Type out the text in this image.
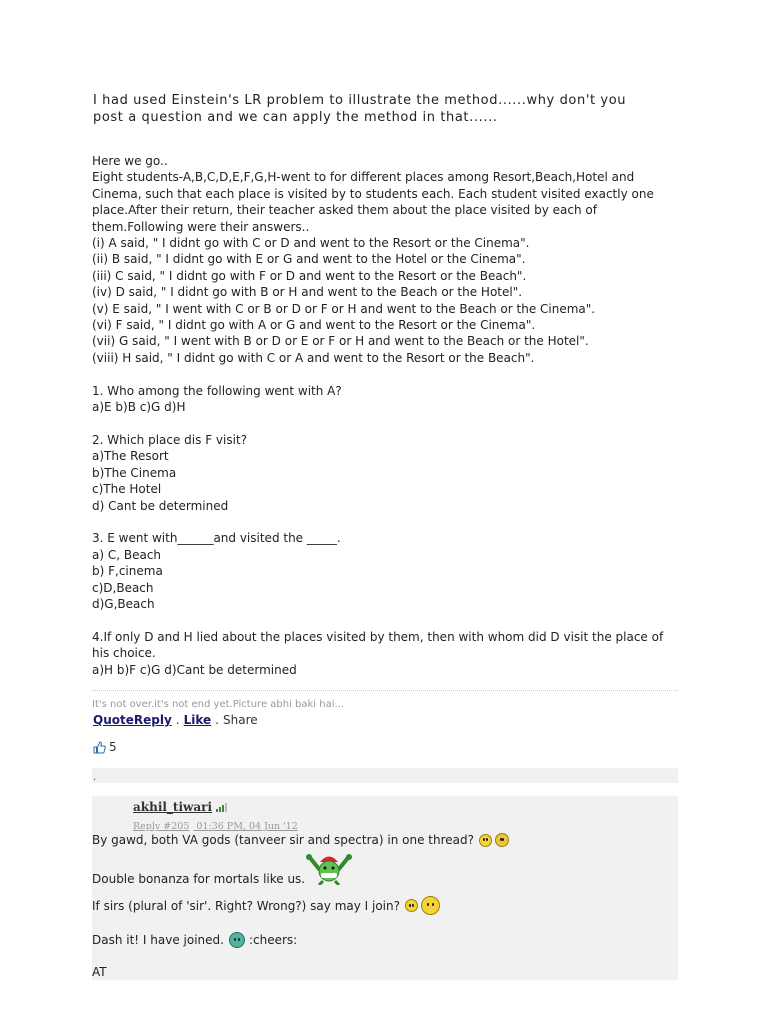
I had used Einstein's LR problem to illustrate the method......why don't you post a question and we can apply the method in that......

Here we go..

Eight students-A,B,C,D,E,F,G,H-went to for different places among Resort,Beach,Hotel and Cinema, such that each place is visited by to students each. Each student visited exactly one place.After their return, their teacher asked them about the place visited by each of them.Following were their answers..

(i) A said, " I didnt go with C or D and went to the Resort or the Cinema".

(ii) B said, " I didnt go with E or G and went to the Hotel or the Cinema".

(iii) C said, " I didnt go with F or D and went to the Resort or the Beach".

(iv) D said, " I didnt go with B or H and went to the Beach or the Hotel".

(v) E said, " I went with C or B or D or F or H and went to the Beach or the Cinema".

(vi) F said, " I didnt go with A or G and went to the Resort or the Cinema".

(vii) G said, " I went with B or D or E or F or H and went to the Beach or the Hotel".

(viii) H said, " I didnt go with C or A and went to the Resort or the Beach".

1. Who among the following went with A?

a)E b)B c)G d)H

2. Which place dis F visit?

a)The Resort

b)The Cinema

c)The Hotel

d) Cant be determined

3. E went with______and visited the _____.

a) C, Beach

b) F,cinema

c)D,Beach

d)G,Beach

4.If only D and H lied about the places visited by them, then with whom did D visit the place of his choice.

a)H b)F c)G d)Cant be determined

It's not over.it's not end yet.Picture abhi baki hai...
QuoteReply . Like . Share
5
.
akhil_tiwari
Reply #205 01:36 PM, 04 Jun '12
By gawd, both VA gods (tanveer sir and spectra) in one thread?
Double bonanza for mortals like us.
If sirs (plural of 'sir'. Right? Wrong?) say may I join?
Dash it! I have joined. :cheers:
AT
